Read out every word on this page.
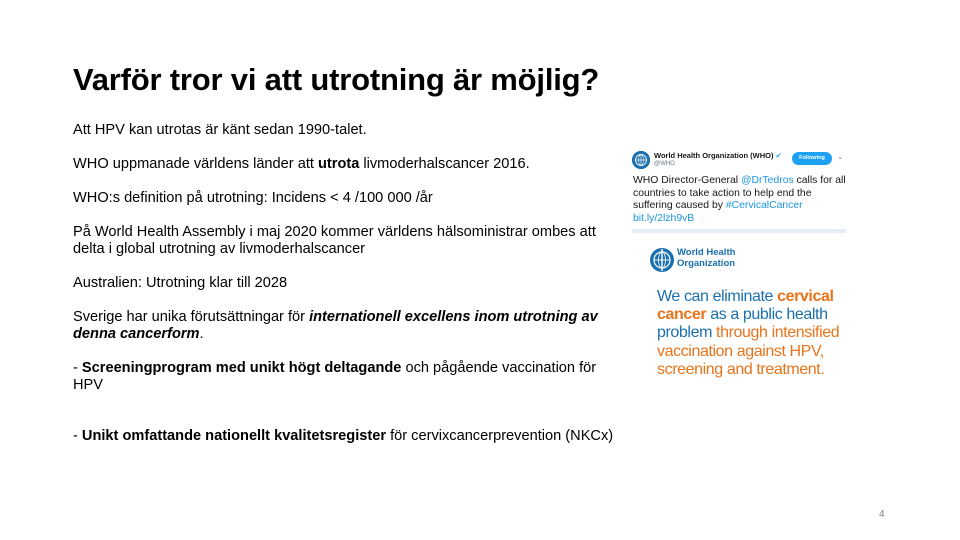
Varför tror vi att utrotning är möjlig?
Att HPV kan utrotas är känt sedan 1990-talet.
WHO uppmanade världens länder att utrota livmoderhalscancer 2016.
WHO:s definition på utrotning: Incidens < 4 /100 000 /år
På World Health Assembly i maj 2020 kommer världens hälsoministrar ombes att delta i global utrotning av livmoderhalscancer
Australien: Utrotning klar till 2028
Sverige har unika förutsättningar för internationell excellens inom utrotning av denna cancerform.
- Screeningprogram med unikt högt deltagande och pågående vaccination för HPV
- Unikt omfattande nationellt kvalitetsregister för cervixcancerprevention (NKCx)
World Health Organization (WHO) ✔
@WHO
Following	⌄
WHO Director-General @DrTedros calls for all countries to take action to help end the suffering caused by #CervicalCancer
bit.ly/2lzh9vB
World Health
Organization
We can eliminate cervical cancer as a public health problem through intensified vaccination against HPV, screening and treatment.
4
